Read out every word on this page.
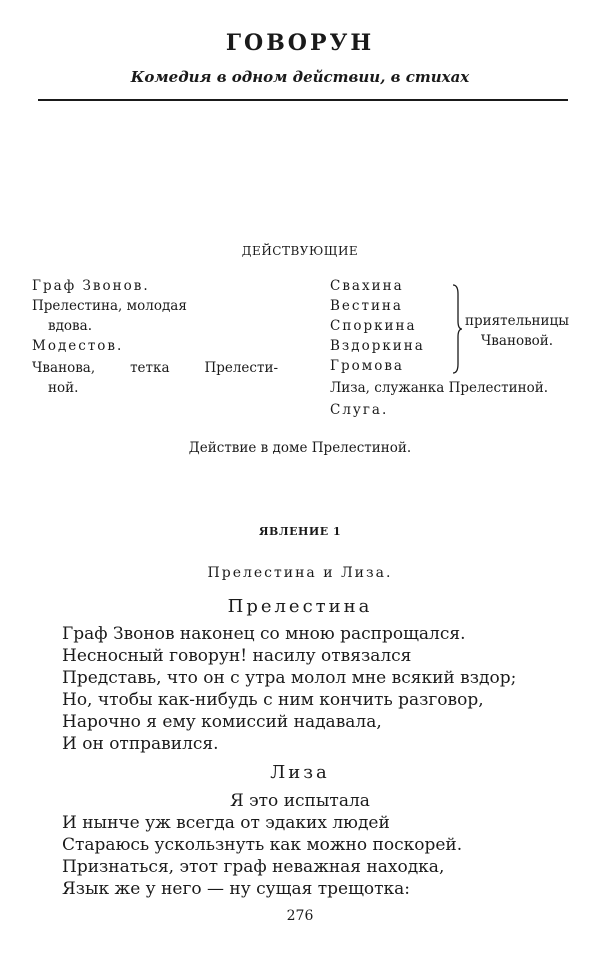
ГОВОРУН
Комедия в одном действии, в стихах
ДЕЙСТВУЮЩИЕ
Граф Звонов.
Прелестина, молодая
вдова.
Модестов.
Чванова, тетка Прелести-
ной.
Свахина
Вестина
Споркина
Вздоркина
Громова
приятельницы
Чвановой.
Лиза, служанка Прелестиной.
Слуга.
Действие в доме Прелестиной.
ЯВЛЕНИЕ 1
Прелестина и Лиза.
Прелестина
Граф Звонов наконец со мною распрощался.
Несносный говорун! насилу отвязался
Представь, что он с утра молол мне всякий вздор;
Но, чтобы как-нибудь с ним кончить разговор,
Нарочно я ему комиссий надавала,
И он отправился.
Лиза
Я это испытала
И нынче уж всегда от эдаких людей
Стараюсь ускользнуть как можно поскорей.
Признаться, этот граф неважная находка,
Язык же у него — ну сущая трещотка:
276
